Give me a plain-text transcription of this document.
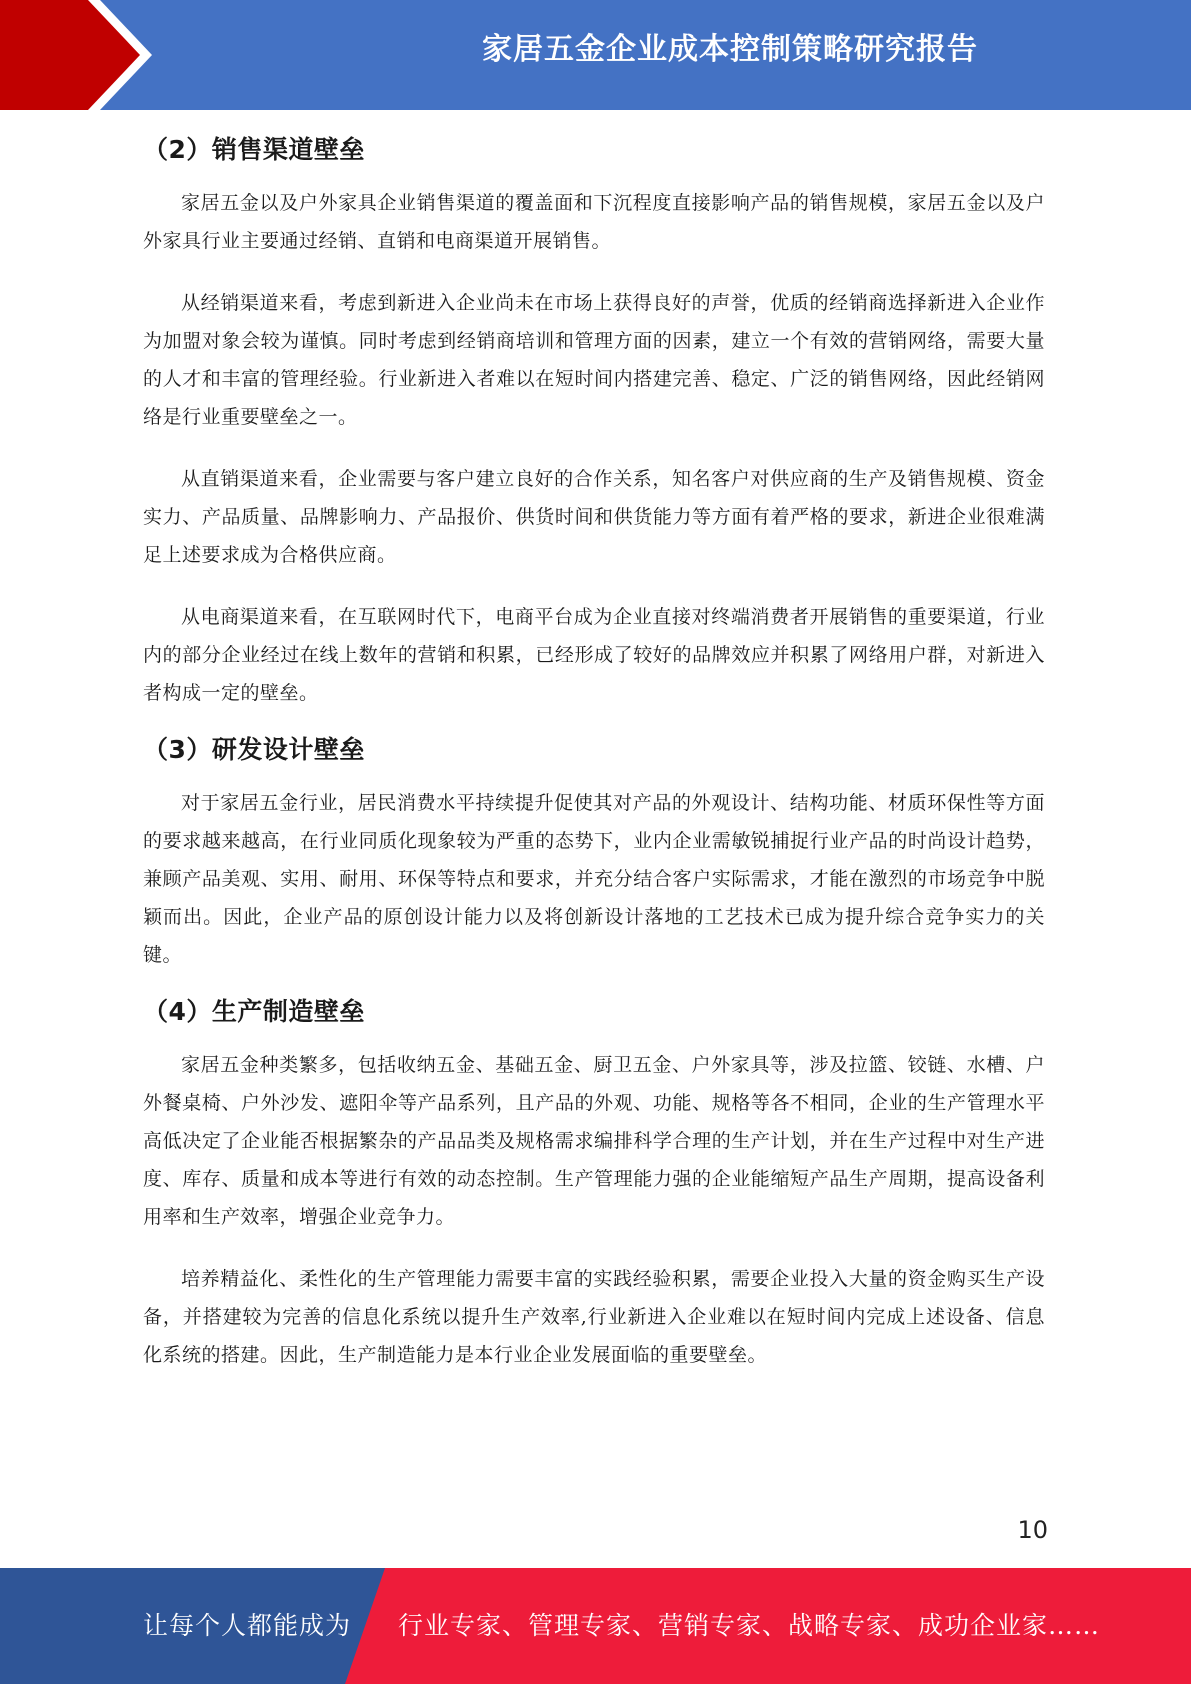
家居五金企业成本控制策略研究报告
（2）销售渠道壁垒

家居五金以及户外家具企业销售渠道的覆盖面和下沉程度直接影响产品的销售规模，家居五金以及户外家具行业主要通过经销、直销和电商渠道开展销售。

从经销渠道来看，考虑到新进入企业尚未在市场上获得良好的声誉，优质的经销商选择新进入企业作为加盟对象会较为谨慎。同时考虑到经销商培训和管理方面的因素，建立一个有效的营销网络，需要大量的人才和丰富的管理经验。行业新进入者难以在短时间内搭建完善、稳定、广泛的销售网络，因此经销网络是行业重要壁垒之一。

从直销渠道来看，企业需要与客户建立良好的合作关系，知名客户对供应商的生产及销售规模、资金实力、产品质量、品牌影响力、产品报价、供货时间和供货能力等方面有着严格的要求，新进企业很难满足上述要求成为合格供应商。

从电商渠道来看，在互联网时代下，电商平台成为企业直接对终端消费者开展销售的重要渠道，行业内的部分企业经过在线上数年的营销和积累，已经形成了较好的品牌效应并积累了网络用户群，对新进入者构成一定的壁垒。

（3）研发设计壁垒

对于家居五金行业，居民消费水平持续提升促使其对产品的外观设计、结构功能、材质环保性等方面的要求越来越高，在行业同质化现象较为严重的态势下，业内企业需敏锐捕捉行业产品的时尚设计趋势，兼顾产品美观、实用、耐用、环保等特点和要求，并充分结合客户实际需求，才能在激烈的市场竞争中脱颖而出。因此，企业产品的原创设计能力以及将创新设计落地的工艺技术已成为提升综合竞争实力的关键。

（4）生产制造壁垒

家居五金种类繁多，包括收纳五金、基础五金、厨卫五金、户外家具等，涉及拉篮、铰链、水槽、户外餐桌椅、户外沙发、遮阳伞等产品系列，且产品的外观、功能、规格等各不相同，企业的生产管理水平高低决定了企业能否根据繁杂的产品品类及规格需求编排科学合理的生产计划，并在生产过程中对生产进度、库存、质量和成本等进行有效的动态控制。生产管理能力强的企业能缩短产品生产周期，提高设备利用率和生产效率，增强企业竞争力。

培养精益化、柔性化的生产管理能力需要丰富的实践经验积累，需要企业投入大量的资金购买生产设备，并搭建较为完善的信息化系统以提升生产效率,行业新进入企业难以在短时间内完成上述设备、信息化系统的搭建。因此，生产制造能力是本行业企业发展面临的重要壁垒。

10
让每个人都能成为 行业专家、管理专家、营销专家、战略专家、成功企业家……
